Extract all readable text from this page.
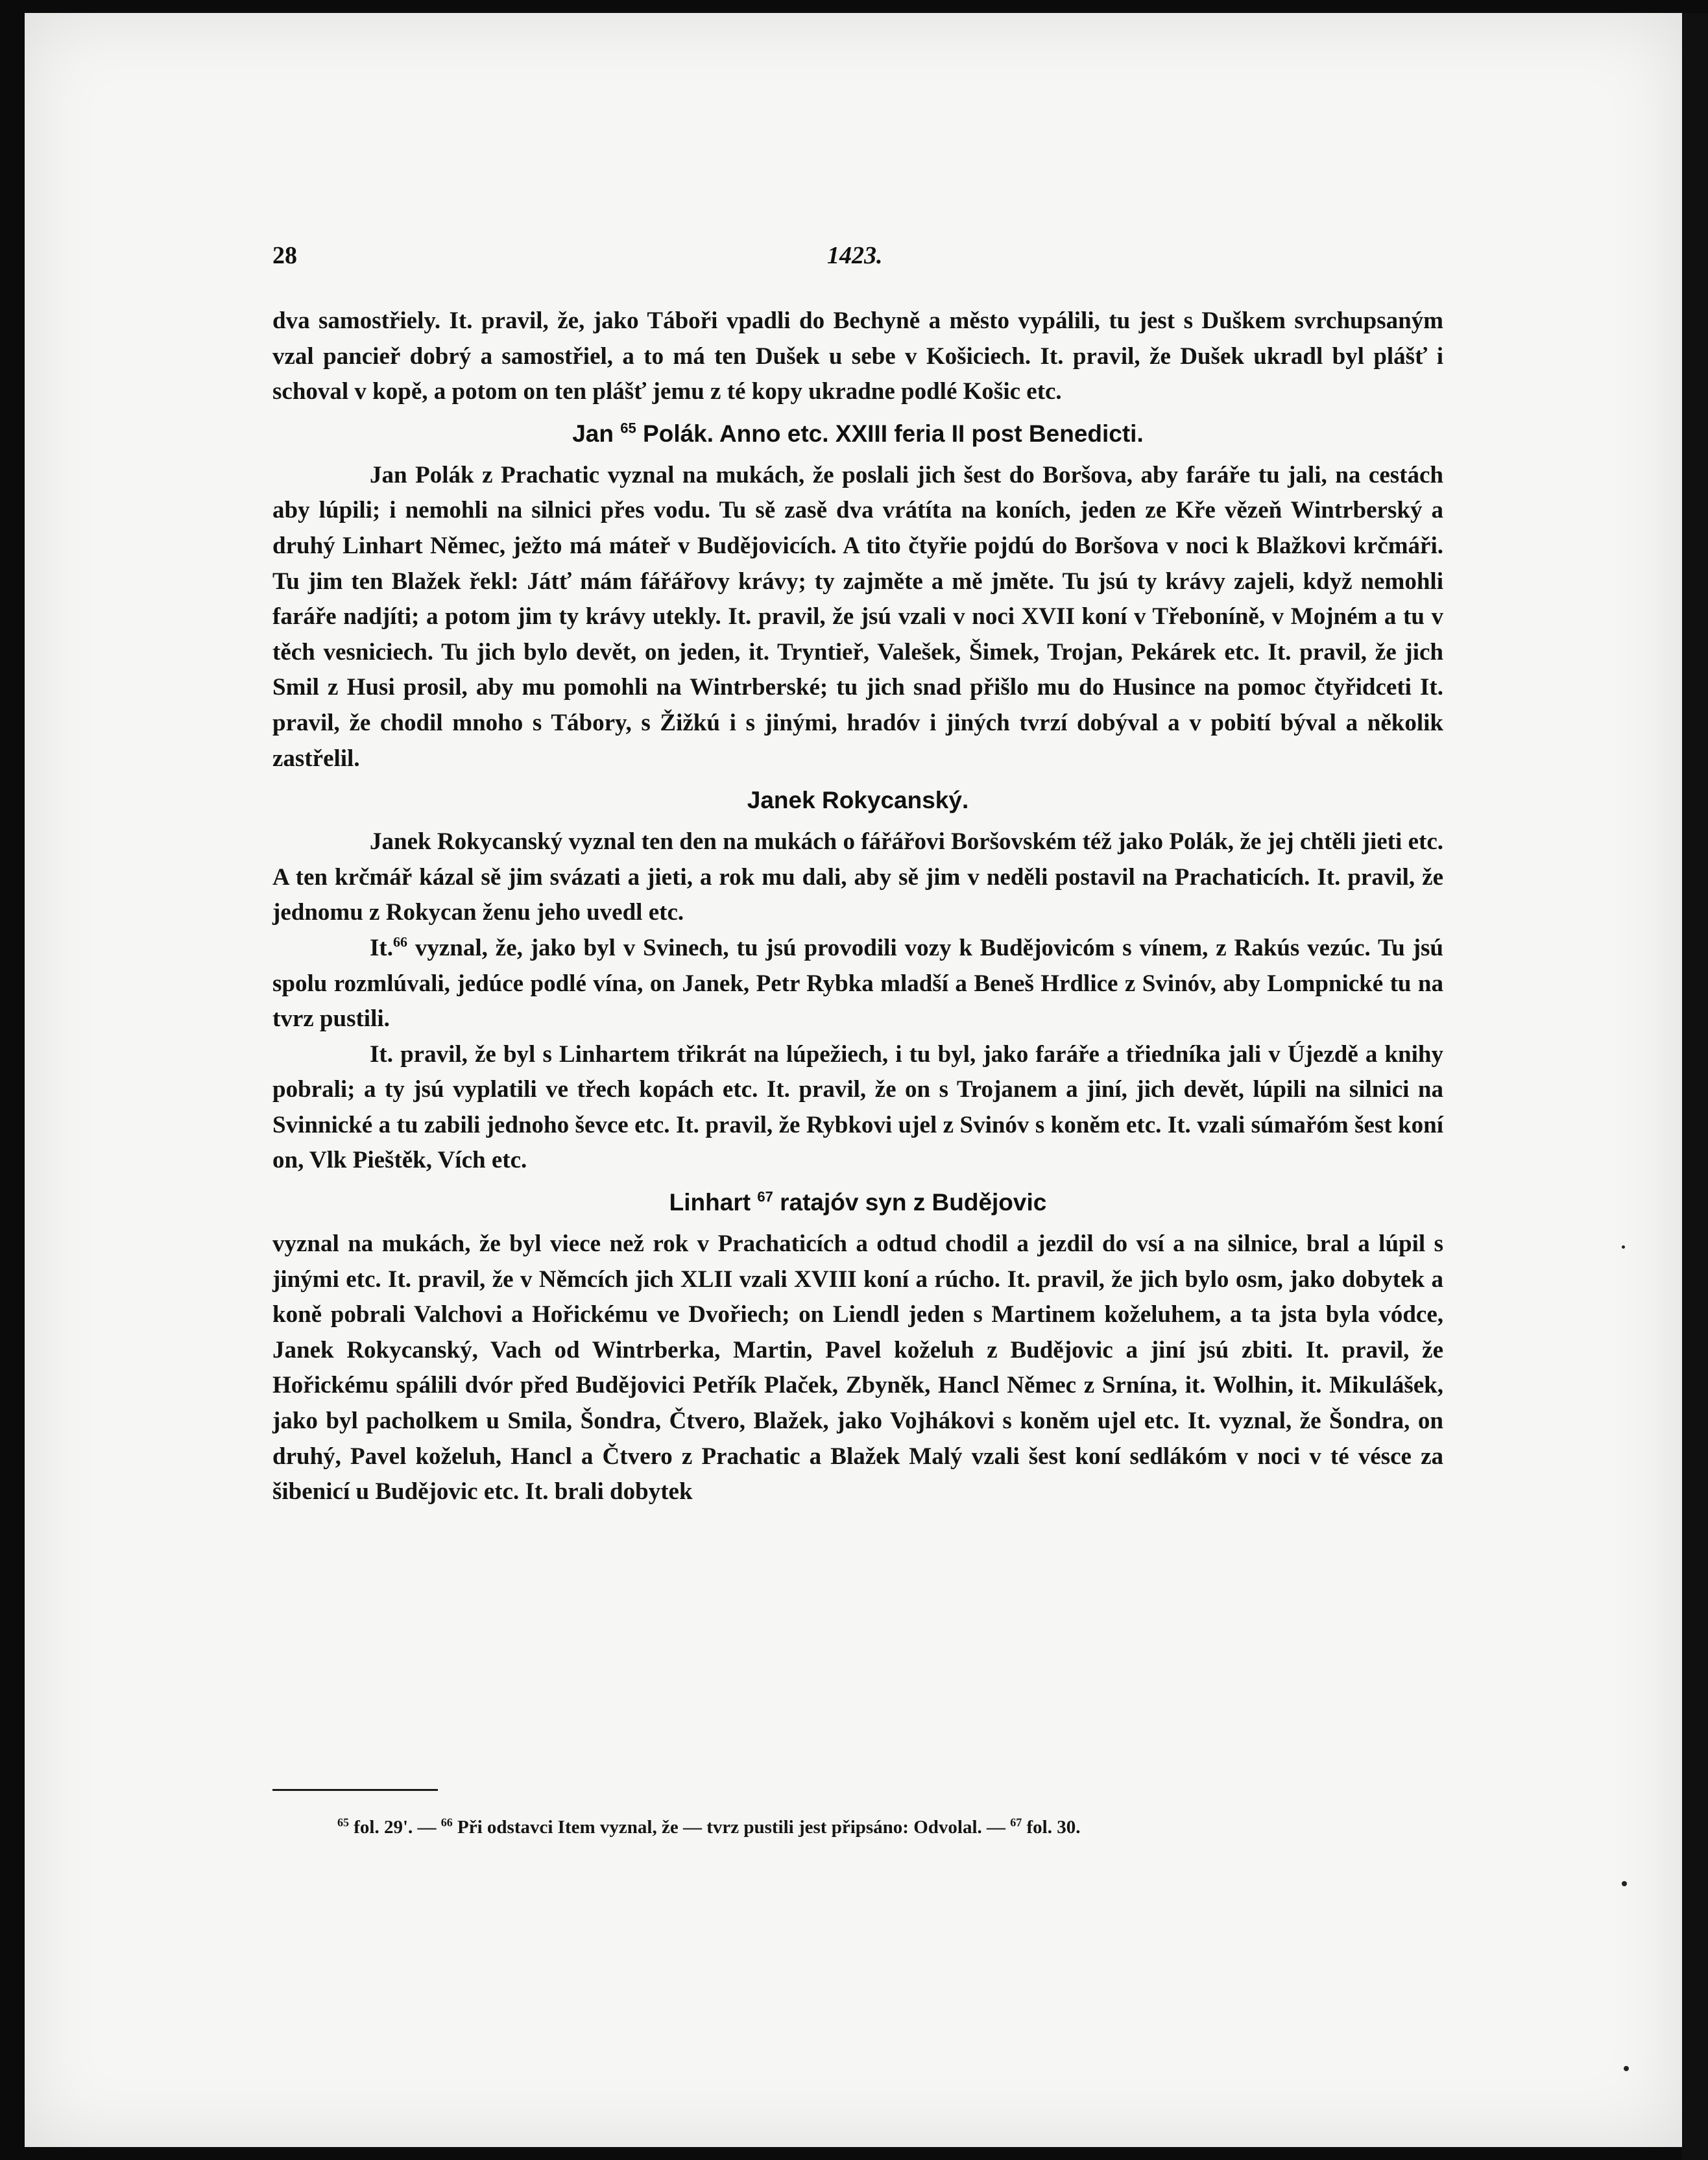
28	1423.

dva samostřiely. It. pravil, že, jako Táboři vpadli do Bechyně a město vypálili, tu jest s Duškem svrchupsaným vzal pancieř dobrý a samostřiel, a to má ten Dušek u sebe v Košiciech. It. pravil, že Dušek ukradl byl plášť i schoval v kopě, a potom on ten plášť jemu z té kopy ukradne podlé Košic etc.

Jan $^{65}$ Polák. Anno etc. XXIII feria II post Benedicti.

Jan Polák z Prachatic vyznal na mukách, že poslali jich šest do Boršova, aby faráře tu jali, na cestách aby lúpili; i nemohli na silnici přes vodu. Tu sě zasě dva vrátíta na koních, jeden ze Kře vězeň Wintrberský a druhý Linhart Němec, ježto má máteř v Budějovicích. A tito čtyřie pojdú do Boršova v noci k Blažkovi krčmáři. Tu jim ten Blažek řekl: Játť mám fářářovy krávy; ty zajměte a mě jměte. Tu jsú ty krávy zajeli, když nemohli faráře nadjíti; a potom jim ty krávy utekly. It. pravil, že jsú vzali v noci XVII koní v Třeboníně, v Mojném a tu v těch vesniciech. Tu jich bylo devět, on jeden, it. Tryntieř, Valešek, Šimek, Trojan, Pekárek etc. It. pravil, že jich Smil z Husi prosil, aby mu pomohli na Wintrberské; tu jich snad přišlo mu do Husince na pomoc čtyřidceti It. pravil, že chodil mnoho s Tábory, s Žižkú i s jinými, hradóv i jiných tvrzí dobýval a v pobití býval a několik zastřelil.

Janek Rokycanský.

Janek Rokycanský vyznal ten den na mukách o fářářovi Boršovském též jako Polák, že jej chtěli jieti etc. A ten krčmář kázal sě jim svázati a jieti, a rok mu dali, aby sě jim v neděli postavil na Prachaticích. It. pravil, že jednomu z Rokycan ženu jeho uvedl etc.

It.$^{66}$ vyznal, že, jako byl v Svinech, tu jsú provodili vozy k Budějovicóm s vínem, z Rakús vezúc. Tu jsú spolu rozmlúvali, jedúce podlé vína, on Janek, Petr Rybka mladší a Beneš Hrdlice z Svinóv, aby Lompnické tu na tvrz pustili.

It. pravil, že byl s Linhartem třikrát na lúpežiech, i tu byl, jako faráře a třiedníka jali v Újezdě a knihy pobrali; a ty jsú vyplatili ve třech kopách etc. It. pravil, že on s Trojanem a jiní, jich devět, lúpili na silnici na Svinnické a tu zabili jednoho ševce etc. It. pravil, že Rybkovi ujel z Svinóv s koněm etc. It. vzali súmařóm šest koní on, Vlk Pieštěk, Vích etc.

Linhart $^{67}$ ratajóv syn z Budějovic

vyznal na mukách, že byl viece než rok v Prachaticích a odtud chodil a jezdil do vsí a na silnice, bral a lúpil s jinými etc. It. pravil, že v Němcích jich XLII vzali XVIII koní a rúcho. It. pravil, že jich bylo osm, jako dobytek a koně pobrali Valchovi a Hořickému ve Dvořiech; on Liendl jeden s Martinem koželuhem, a ta jsta byla vódce, Janek Rokycanský, Vach od Wintrberka, Martin, Pavel koželuh z Budějovic a jiní jsú zbiti. It. pravil, že Hořickému spálili dvór před Budějovici Petřík Plaček, Zbyněk, Hancl Němec z Srnína, it. Wolhin, it. Mikulášek, jako byl pacholkem u Smila, Šondra, Čtvero, Blažek, jako Vojhákovi s koněm ujel etc. It. vyznal, že Šondra, on druhý, Pavel koželuh, Hancl a Čtvero z Prachatic a Blažek Malý vzali šest koní sedlákóm v noci v té vésce za šibenicí u Budějovic etc. It. brali dobytek

$^{65}$ fol. 29'. — $^{66}$ Při odstavci Item vyznal, že — tvrz pustili jest připsáno: Odvolal. — $^{67}$ fol. 30.
